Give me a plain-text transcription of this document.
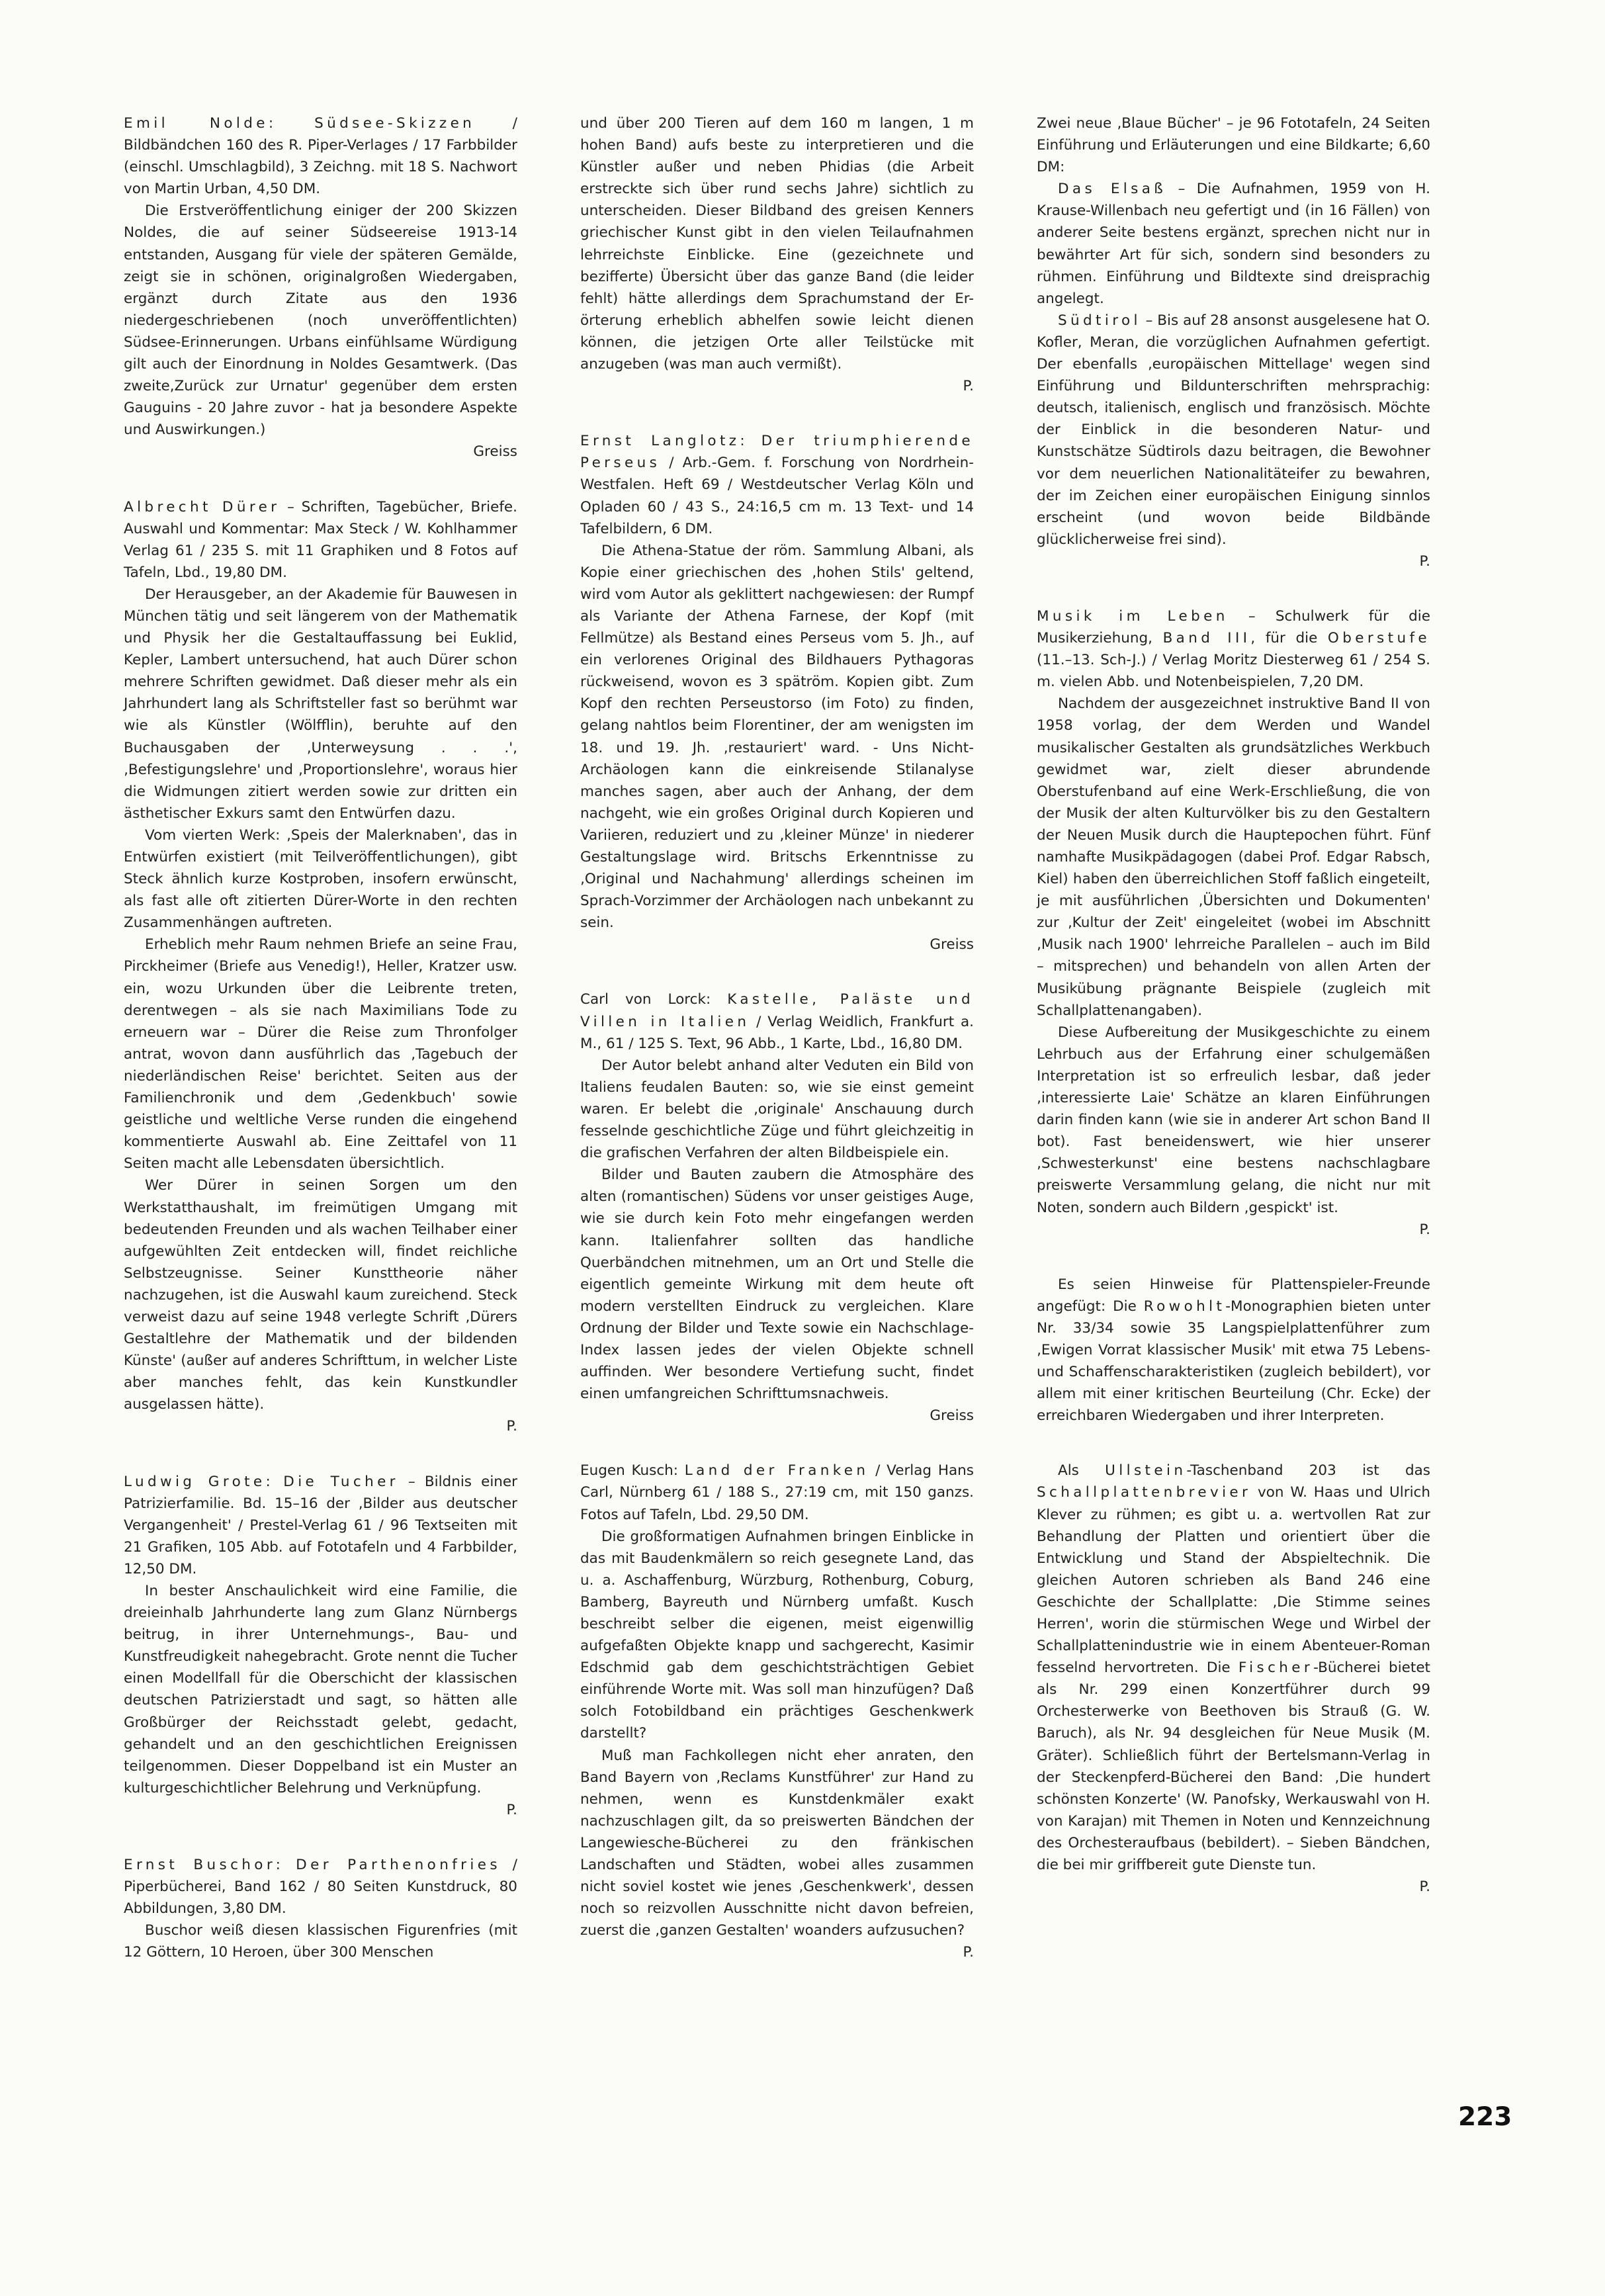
Emil Nolde:	Südsee-Skizzen / Bildbändchen 160 des R. Piper-Verlages / 17 Farbbilder (einschl. Umschlagbild), 3 Zeichng. mit 18 S. Nachwort von Martin Urban, 4,50 DM.

Die Erstveröffentlichung einiger der 200 Skizzen Noldes, die auf seiner Südseereise 1913-14 entstanden, Ausgang für viele der späteren Gemälde, zeigt sie in schönen, originalgroßen Wiedergaben, ergänzt durch Zitate aus den 1936 niedergeschriebenen (noch unveröffentlichten) Südsee-Erinnerungen. Urbans einfühlsame Würdigung gilt auch der Einordnung in Noldes Gesamtwerk. (Das zweite,Zurück zur Urnatur' gegenüber dem ersten Gauguins - 20 Jahre zuvor - hat ja besondere Aspekte und Auswirkungen.)

Greiss

Albrecht Dürer – Schriften, Tagebücher, Briefe. Auswahl und Kommentar: Max Steck / W. Kohlhammer Verlag 61 / 235 S. mit 11 Graphiken und 8 Fotos auf Tafeln, Lbd., 19,80 DM.

Der Herausgeber, an der Akademie für Bauwesen in München tätig und seit längerem von der Mathematik und Physik her die Gestaltauffassung bei Euklid, Kepler, Lambert untersuchend, hat auch Dürer schon mehrere Schriften gewidmet. Daß dieser mehr als ein Jahrhundert lang als Schriftsteller fast so berühmt war wie als Künstler (Wölfflin), beruhte auf den Buchausgaben der ‚Unterweysung . . .', ‚Befestigungslehre' und ‚Proportionslehre', woraus hier die Widmungen zitiert werden sowie zur dritten ein ästhetischer Exkurs samt den Entwürfen dazu.

Vom vierten Werk: ‚Speis der Malerknaben', das in Entwürfen existiert (mit Teilveröffentlichungen), gibt Steck ähnlich kurze Kostproben, insofern erwünscht, als fast alle oft zitierten Dürer-Worte in den rechten Zusammenhängen auftreten.

Erheblich mehr Raum nehmen Briefe an seine Frau, Pirckheimer (Briefe aus Venedig!), Heller, Kratzer usw. ein, wozu Urkunden über die Leibrente treten, derentwegen – als sie nach Maximilians Tode zu erneuern war – Dürer die Reise zum Thronfolger antrat, wovon dann ausführlich das ‚Tagebuch der niederländischen Reise' berichtet. Seiten aus der Familienchronik und dem ‚Gedenkbuch' sowie geistliche und weltliche Verse runden die eingehend kommentierte Auswahl ab. Eine Zeittafel von 11 Seiten macht alle Lebensdaten übersichtlich.

Wer Dürer in seinen Sorgen um den Werkstatthaushalt, im freimütigen Umgang mit bedeutenden Freunden und als wachen Teilhaber einer aufgewühlten Zeit entdecken will, findet reichliche Selbstzeugnisse. Seiner Kunsttheorie näher nachzugehen, ist die Auswahl kaum zureichend. Steck verweist dazu auf seine 1948 verlegte Schrift ‚Dürers Gestaltlehre der Mathematik und der bildenden Künste' (außer auf anderes Schrifttum, in welcher Liste aber manches fehlt, das kein Kunstkundler ausgelassen hätte).

P.

Ludwig Grote: Die Tucher – Bildnis einer Patrizierfamilie. Bd. 15–16 der ‚Bilder aus deutscher Vergangenheit' / Prestel-Verlag 61 / 96 Textseiten mit 21 Grafiken, 105 Abb. auf Fototafeln und 4 Farbbilder, 12,50 DM.

In bester Anschaulichkeit wird eine Familie, die dreieinhalb Jahrhunderte lang zum Glanz Nürnbergs beitrug, in ihrer Unternehmungs-, Bau- und Kunstfreudigkeit nahegebracht. Grote nennt die Tucher einen Modellfall für die Oberschicht der klassischen deutschen Patrizierstadt und sagt, so hätten alle Großbürger der Reichsstadt gelebt, gedacht, gehandelt und an den geschichtlichen Ereignissen teilgenommen. Dieser Doppelband ist ein Muster an kulturgeschichtlicher Belehrung und Verknüpfung.

P.

Ernst Buschor: Der Parthenonfries / Piperbücherei, Band 162 / 80 Seiten Kunstdruck, 80 Abbildungen, 3,80 DM.

Buschor weiß diesen klassischen Figurenfries (mit 12 Göttern, 10 Heroen, über 300 Menschen

und über 200 Tieren auf dem 160 m langen, 1 m hohen Band) aufs beste zu interpretieren und die Künstler außer und neben Phidias (die Arbeit erstreckte sich über rund sechs Jahre) sichtlich zu unterscheiden. Dieser Bildband des greisen Kenners griechischer Kunst gibt in den vielen Teilaufnahmen lehrreichste Einblicke. Eine (gezeichnete und bezifferte) Übersicht über das ganze Band (die leider fehlt) hätte allerdings dem Sprachumstand der Er-örterung erheblich abhelfen sowie leicht dienen können, die jetzigen Orte aller Teilstücke mit anzugeben (was man auch vermißt).

P.

Ernst Langlotz: Der triumphierende Perseus / Arb.-Gem. f. Forschung von Nordrhein-Westfalen. Heft 69 / Westdeutscher Verlag Köln und Opladen 60 / 43 S., 24:16,5 cm m. 13 Text- und 14 Tafelbildern, 6 DM.

Die Athena-Statue der röm. Sammlung Albani, als Kopie einer griechischen des ‚hohen Stils' geltend, wird vom Autor als geklittert nachgewiesen: der Rumpf als Variante der Athena Farnese, der Kopf (mit Fellmütze) als Bestand eines Perseus vom 5. Jh., auf ein verlorenes Original des Bildhauers Pythagoras rückweisend, wovon es 3 spätröm. Kopien gibt. Zum Kopf den rechten Perseustorso (im Foto) zu finden, gelang nahtlos beim Florentiner, der am wenigsten im 18. und 19. Jh. ‚restauriert' ward. - Uns Nicht-Archäologen kann die einkreisende Stilanalyse manches sagen, aber auch der Anhang, der dem nachgeht, wie ein großes Original durch Kopieren und Variieren, reduziert und zu ‚kleiner Münze' in niederer Gestaltungslage wird. Britschs Erkenntnisse zu ‚Original und Nachahmung' allerdings scheinen im Sprach-Vorzimmer der Archäologen nach unbekannt zu sein.

Greiss

Carl von Lorck: Kastelle, Paläste und Villen in Italien / Verlag Weidlich, Frankfurt a. M., 61 / 125 S. Text, 96 Abb., 1 Karte, Lbd., 16,80 DM.

Der Autor belebt anhand alter Veduten ein Bild von Italiens feudalen Bauten: so, wie sie einst gemeint waren. Er belebt die ‚originale' Anschauung durch fesselnde geschichtliche Züge und führt gleichzeitig in die grafischen Verfahren der alten Bildbeispiele ein.

Bilder und Bauten zaubern die Atmosphäre des alten (romantischen) Südens vor unser geistiges Auge, wie sie durch kein Foto mehr eingefangen werden kann. Italienfahrer sollten das handliche Querbändchen mitnehmen, um an Ort und Stelle die eigentlich gemeinte Wirkung mit dem heute oft modern verstellten Eindruck zu vergleichen. Klare Ordnung der Bilder und Texte sowie ein Nachschlage-Index lassen jedes der vielen Objekte schnell auffinden. Wer besondere Vertiefung sucht, findet einen umfangreichen Schrifttumsnachweis.

Greiss

Eugen Kusch: Land der Franken / Verlag Hans Carl, Nürnberg 61 / 188 S., 27:19 cm, mit 150 ganzs. Fotos auf Tafeln, Lbd. 29,50 DM.

Die großformatigen Aufnahmen bringen Einblicke in das mit Baudenkmälern so reich gesegnete Land, das u. a. Aschaffenburg, Würzburg, Rothenburg, Coburg, Bamberg, Bayreuth und Nürnberg umfaßt. Kusch beschreibt selber die eigenen, meist eigenwillig aufgefaßten Objekte knapp und sachgerecht, Kasimir Edschmid gab dem geschichtsträchtigen Gebiet einführende Worte mit. Was soll man hinzufügen? Daß solch Fotobildband ein prächtiges Geschenkwerk darstellt?

Muß man Fachkollegen nicht eher anraten, den Band Bayern von ‚Reclams Kunstführer' zur Hand zu nehmen, wenn es Kunstdenkmäler exakt nachzuschlagen gilt, da so preiswerten Bändchen der Langewiesche-Bücherei zu den fränkischen Landschaften und Städten, wobei alles zusammen nicht soviel kostet wie jenes ‚Geschenkwerk', dessen noch so reizvollen Ausschnitte nicht davon befreien, zuerst die ‚ganzen Gestalten' woanders aufzusuchen?

P.

Zwei neue ‚Blaue Bücher' – je 96 Fototafeln, 24 Seiten Einführung und Erläuterungen und eine Bildkarte; 6,60 DM:

Das Elsaß – Die Aufnahmen, 1959 von H. Krause-Willenbach neu gefertigt und (in 16 Fällen) von anderer Seite bestens ergänzt, sprechen nicht nur in bewährter Art für sich, sondern sind besonders zu rühmen. Einführung und Bildtexte sind dreisprachig angelegt.

Südtirol – Bis auf 28 ansonst ausgelesene hat O. Kofler, Meran, die vorzüglichen Aufnahmen gefertigt. Der ebenfalls ‚europäischen Mittellage' wegen sind Einführung und Bildunterschriften mehrsprachig: deutsch, italienisch, englisch und französisch. Möchte der Einblick in die besonderen Natur- und Kunstschätze Südtirols dazu beitragen, die Bewohner vor dem neuerlichen Nationalitäteifer zu bewahren, der im Zeichen einer europäischen Einigung sinnlos erscheint (und wovon beide Bildbände glücklicherweise frei sind).

P.

Musik im Leben – Schulwerk für die Musikerziehung, Band III, für die Oberstufe (11.–13. Sch-J.) / Verlag Moritz Diesterweg 61 / 254 S. m. vielen Abb. und Notenbeispielen, 7,20 DM.

Nachdem der ausgezeichnet instruktive Band II von 1958 vorlag, der dem Werden und Wandel musikalischer Gestalten als grundsätzliches Werkbuch gewidmet war, zielt dieser abrundende Oberstufenband auf eine Werk-Erschließung, die von der Musik der alten Kulturvölker bis zu den Gestaltern der Neuen Musik durch die Hauptepochen führt. Fünf namhafte Musikpädagogen (dabei Prof. Edgar Rabsch, Kiel) haben den überreichlichen Stoff faßlich eingeteilt, je mit ausführlichen ‚Übersichten und Dokumenten' zur ‚Kultur der Zeit' eingeleitet (wobei im Abschnitt ‚Musik nach 1900' lehrreiche Parallelen – auch im Bild – mitsprechen) und behandeln von allen Arten der Musikübung prägnante Beispiele (zugleich mit Schallplattenangaben).

Diese Aufbereitung der Musikgeschichte zu einem Lehrbuch aus der Erfahrung einer schulgemäßen Interpretation ist so erfreulich lesbar, daß jeder ‚interessierte Laie' Schätze an klaren Einführungen darin finden kann (wie sie in anderer Art schon Band II bot). Fast beneidenswert, wie hier unserer ‚Schwesterkunst' eine bestens nachschlagbare preiswerte Versammlung gelang, die nicht nur mit Noten, sondern auch Bildern ‚gespickt' ist.

P.

Es seien Hinweise für Plattenspieler-Freunde angefügt: Die Rowohlt-Monographien bieten unter Nr. 33/34 sowie 35 Langspielplattenführer zum ‚Ewigen Vorrat klassischer Musik' mit etwa 75 Lebens- und Schaffenscharakteristiken (zugleich bebildert), vor allem mit einer kritischen Beurteilung (Chr. Ecke) der erreichbaren Wiedergaben und ihrer Interpreten.

Als Ullstein-Taschenband 203 ist das Schallplattenbrevier von W. Haas und Ulrich Klever zu rühmen; es gibt u. a. wertvollen Rat zur Behandlung der Platten und orientiert über die Entwicklung und Stand der Abspieltechnik. Die gleichen Autoren schrieben als Band 246 eine Geschichte der Schallplatte: ‚Die Stimme seines Herren', worin die stürmischen Wege und Wirbel der Schallplattenindustrie wie in einem Abenteuer-Roman fesselnd hervortreten. Die Fischer-Bücherei bietet als Nr. 299 einen Konzertführer durch 99 Orchesterwerke von Beethoven bis Strauß (G. W. Baruch), als Nr. 94 desgleichen für Neue Musik (M. Gräter). Schließlich führt der Bertelsmann-Verlag in der Steckenpferd-Bücherei den Band: ‚Die hundert schönsten Konzerte' (W. Panofsky, Werkauswahl von H. von Karajan) mit Themen in Noten und Kennzeichnung des Orchesteraufbaus (bebildert). – Sieben Bändchen, die bei mir griffbereit gute Dienste tun.

P.

223
